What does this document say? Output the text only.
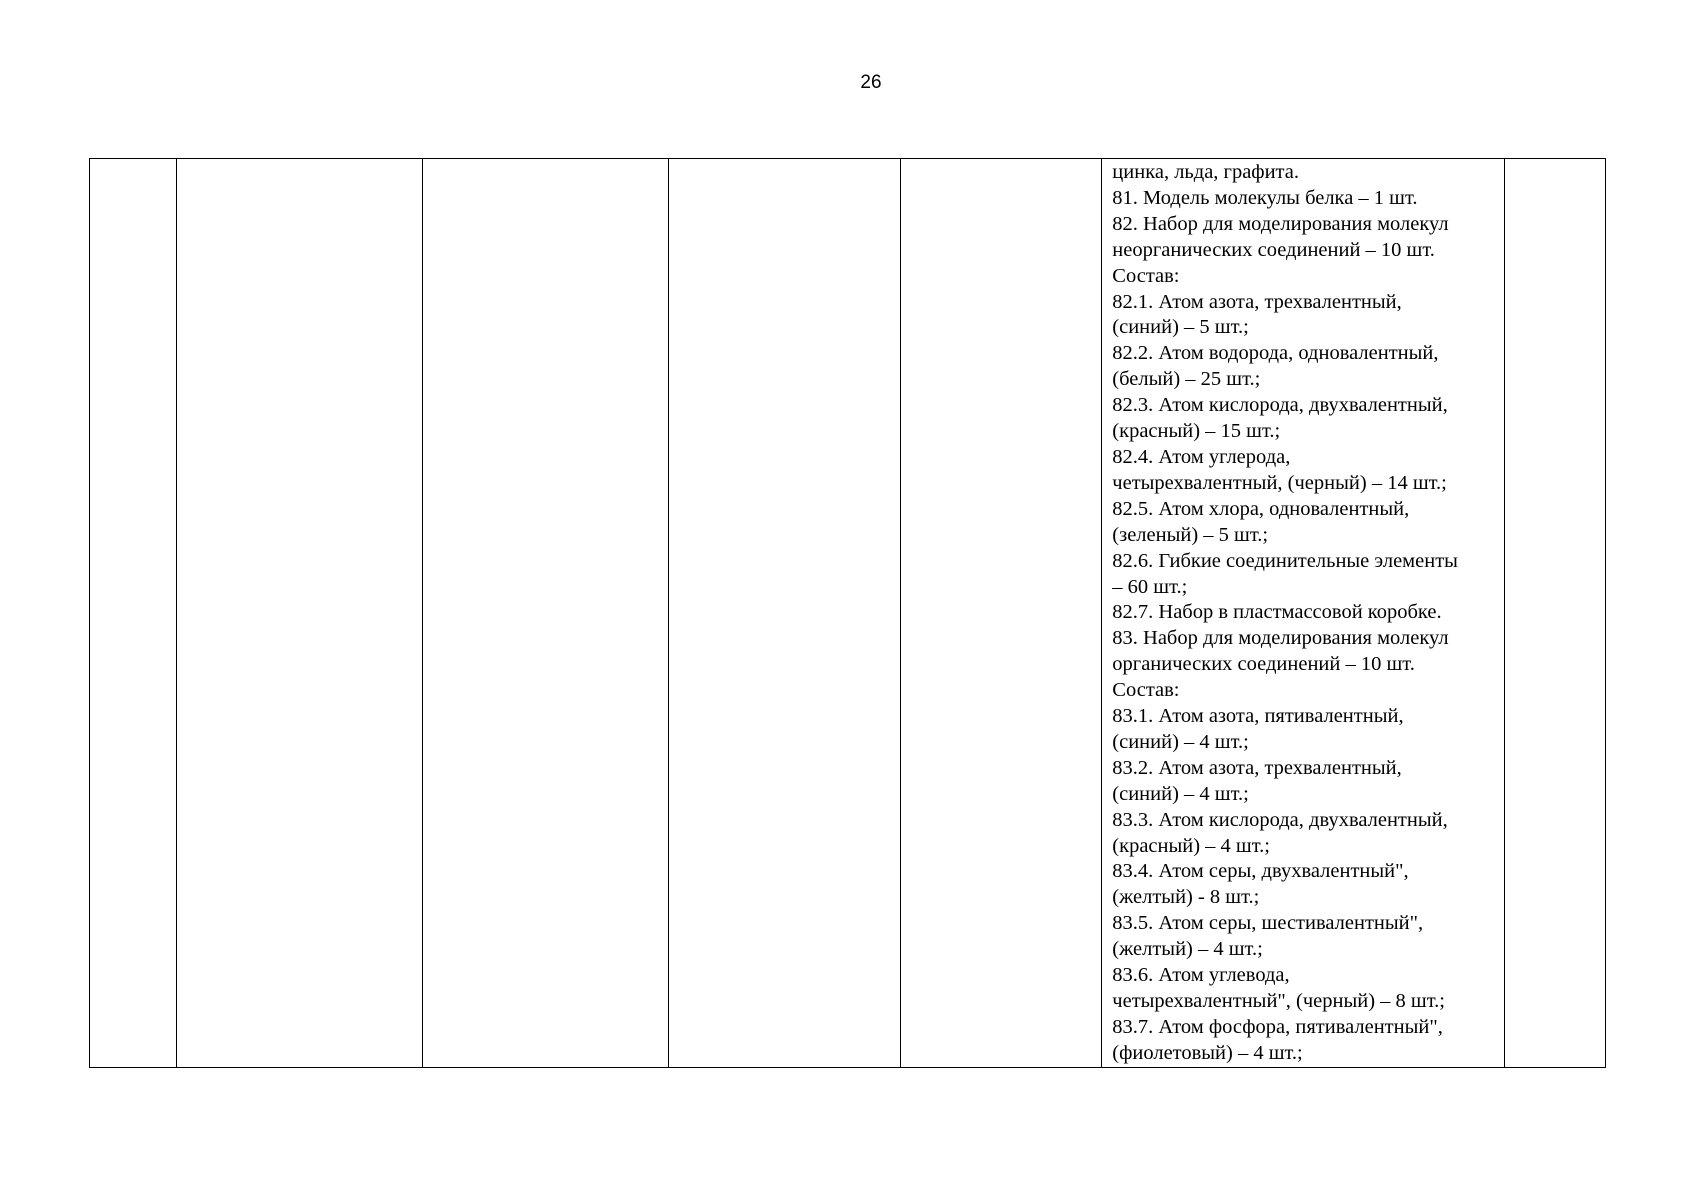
26

цинка, льда, графита.
81. Модель молекулы белка – 1 шт.
82. Набор для моделирования молекул
неорганических соединений – 10 шт.
Состав:
82.1. Атом азота, трехвалентный,
(синий) – 5 шт.;
82.2. Атом водорода, одновалентный,
(белый) – 25 шт.;
82.3. Атом кислорода, двухвалентный,
(красный) – 15 шт.;
82.4. Атом углерода,
четырехвалентный, (черный) – 14 шт.;
82.5. Атом хлора, одновалентный,
(зеленый) – 5 шт.;
82.6. Гибкие соединительные элементы
– 60 шт.;
82.7. Набор в пластмассовой коробке.
83. Набор для моделирования молекул
органических соединений – 10 шт.
Состав:
83.1. Атом азота, пятивалентный,
(синий) – 4 шт.;
83.2. Атом азота, трехвалентный,
(синий) – 4 шт.;
83.3. Атом кислорода, двухвалентный,
(красный) – 4 шт.;
83.4. Атом серы, двухвалентный",
(желтый) - 8 шт.;
83.5. Атом серы, шестивалентный",
(желтый) – 4 шт.;
83.6. Атом углевода,
четырехвалентный", (черный) – 8 шт.;
83.7. Атом фосфора, пятивалентный",
(фиолетовый) – 4 шт.;
